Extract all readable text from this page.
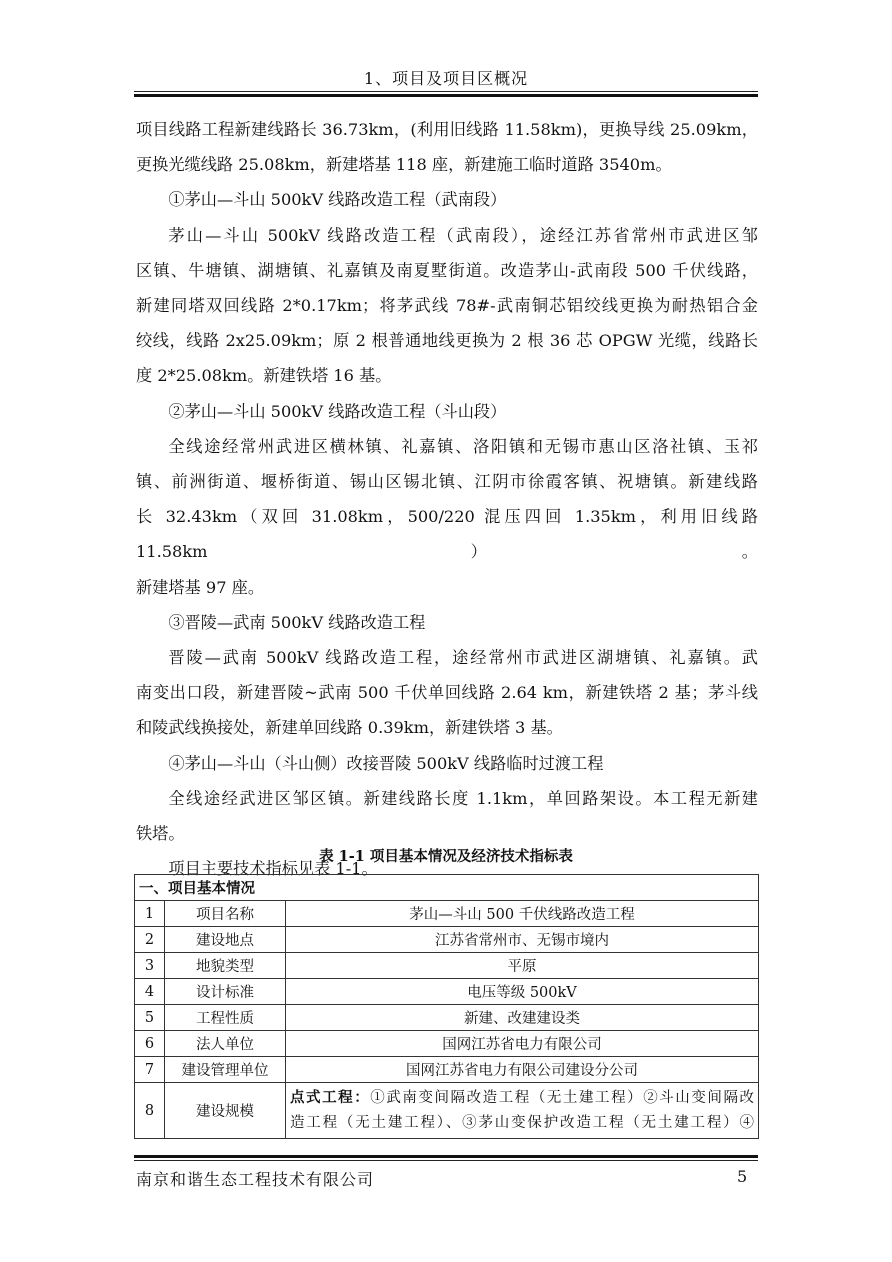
1、项目及项目区概况
项目线路工程新建线路长 36.73km，(利用旧线路 11.58km)，更换导线 25.09km，
更换光缆线路 25.08km，新建塔基 118 座，新建施工临时道路 3540m。
①茅山—斗山 500kV 线路改造工程（武南段）
茅山—斗山 500kV 线路改造工程（武南段），途经江苏省常州市武进区邹
区镇、牛塘镇、湖塘镇、礼嘉镇及南夏墅街道。改造茅山-武南段 500 千伏线路，
新建同塔双回线路 2*0.17km；将茅武线 78#-武南铜芯铝绞线更换为耐热铝合金
绞线，线路 2x25.09km；原 2 根普通地线更换为 2 根 36 芯 OPGW 光缆，线路长
度 2*25.08km。新建铁塔 16 基。
②茅山—斗山 500kV 线路改造工程（斗山段）
全线途经常州武进区横林镇、礼嘉镇、洛阳镇和无锡市惠山区洛社镇、玉祁
镇、前洲街道、堰桥街道、锡山区锡北镇、江阴市徐霞客镇、祝塘镇。新建线路
长 32.43km（双回 31.08km，500/220 混压四回 1.35km，利用旧线路 11.58km）。
新建塔基 97 座。
③晋陵—武南 500kV 线路改造工程
晋陵—武南 500kV 线路改造工程，途经常州市武进区湖塘镇、礼嘉镇。武
南变出口段，新建晋陵~武南 500 千伏单回线路 2.64 km，新建铁塔 2 基；茅斗线
和陵武线换接处，新建单回线路 0.39km，新建铁塔 3 基。
④茅山—斗山（斗山侧）改接晋陵 500kV 线路临时过渡工程
全线途经武进区邹区镇。新建线路长度 1.1km，单回路架设。本工程无新建
铁塔。
项目主要技术指标见表 1-1。
表 1-1 项目基本情况及经济技术指标表
一、项目基本情况		
1	项目名称	茅山—斗山 500 千伏线路改造工程
2	建设地点	江苏省常州市、无锡市境内
3	地貌类型	平原
4	设计标准	电压等级 500kV
5	工程性质	新建、改建建设类
6	法人单位	国网江苏省电力有限公司
7	建设管理单位	国网江苏省电力有限公司建设分公司
8	建设规模	点式工程：①武南变间隔改造工程（无土建工程）②斗山变间隔改
造工程（无土建工程）、③茅山变保护改造工程（无土建工程）④
南京和谐生态工程技术有限公司	5
